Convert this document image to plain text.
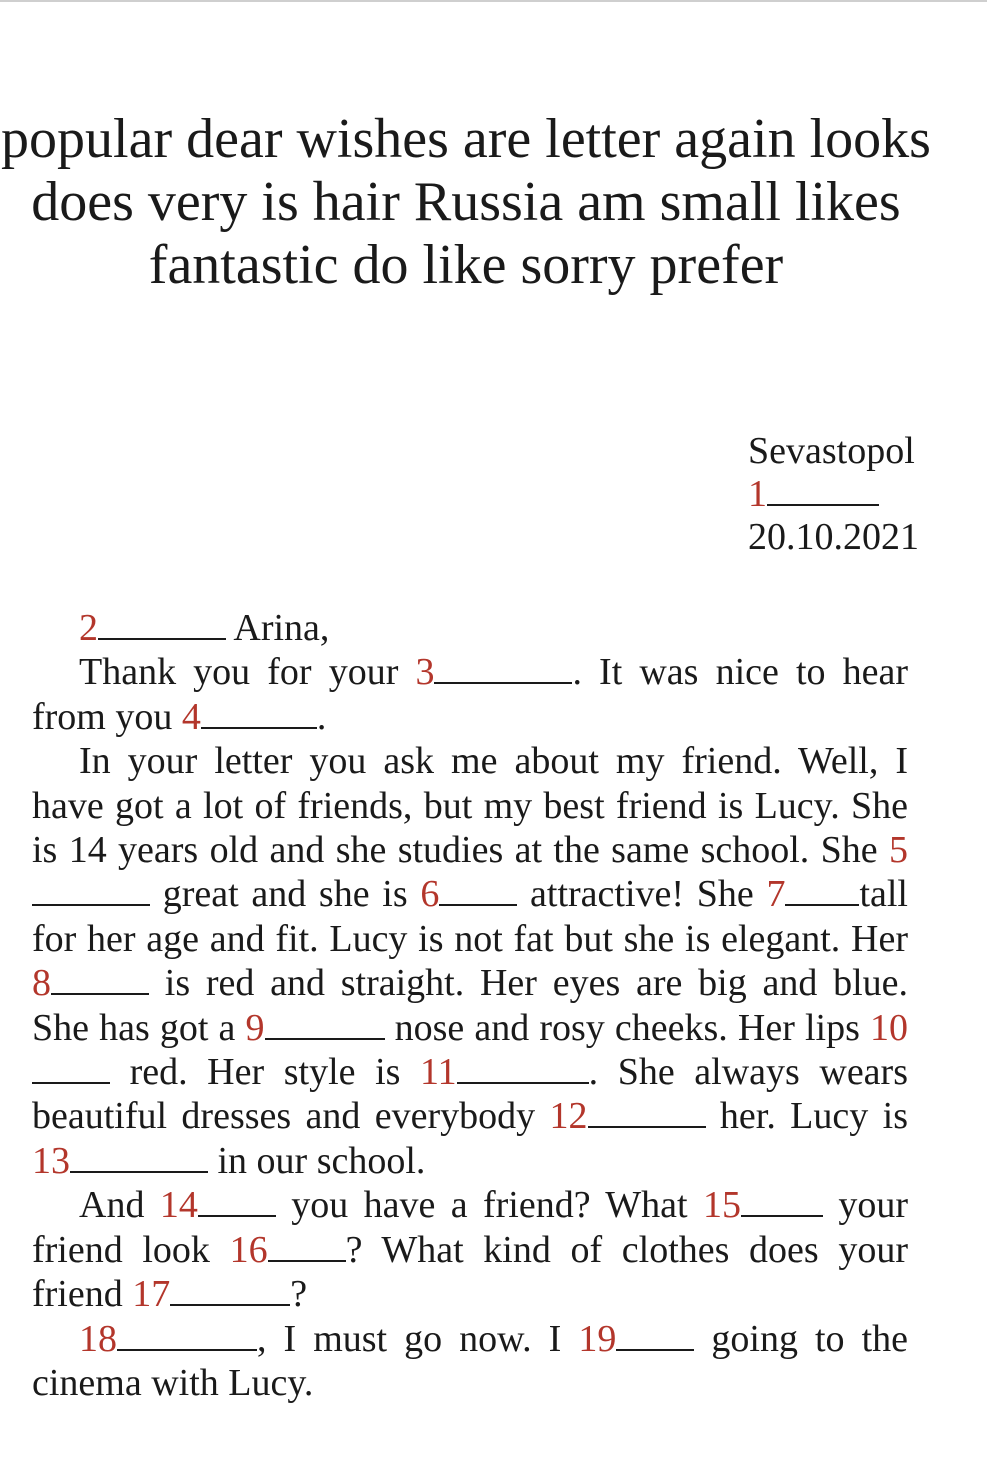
popular dear wishes are letter again looks
does very is hair Russia am small likes
fantastic do like sorry prefer
Sevastopol
1
20.10.2021

2	Arina,

Thank you for your 3	. It was nice to hear from you 4	.

In your letter you ask me about my friend. Well, I have got a lot of friends, but my best friend is Lucy. She is 14 years old and she studies at the same school. She 5 great and she is 6 attractive! She 7 tall for her age and fit. Lucy is not fat but she is elegant. Her 8	is red and straight. Her eyes are big and blue. She has got a 9	nose and rosy cheeks. Her lips 10 red. Her style is 11	. She always wears beautiful dresses and everybody 12	her. Lucy is 13	in our school.

And 14 you have a friend? What 15 your friend look 16 ? What kind of clothes does your friend 17	?

18	, I must go now. I 19 going to the cinema with Lucy.
